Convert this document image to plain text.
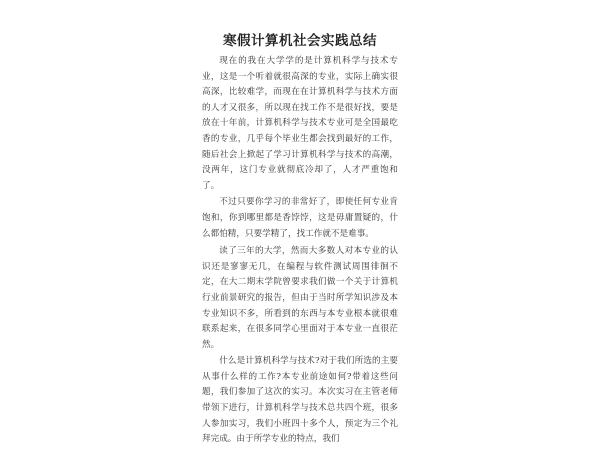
寒假计算机社会实践总结

现在的我在大学学的是计算机科学与技术专业，这是一个听着就很高深的专业，实际上确实很高深，比较难学，而现在在计算机科学与技术方面的人才又很多，所以现在找工作不是很好找，要是放在十年前，计算机科学与技术专业可是全国最吃香的专业，几乎每个毕业生都会找到最好的工作，随后社会上掀起了学习计算机科学与技术的高潮，没两年，这门专业就彻底冷却了，人才严重饱和了。

不过只要你学习的非常好了，即使任何专业肯饱和，你到哪里都是香饽饽，这是毋庸置疑的，什么都怕精，只要学精了，找工作就不是难事。

读了三年的大学，然而大多数人对本专业的认识还是寥寥无几，在编程与软件测试周围徘徊不定，在大二期末学院曾要求我们做一个关于计算机行业前景研究的报告，但由于当时所学知识涉及本专业知识不多，所看到的东西与本专业根本就很难联系起来，在很多同学心里面对于本专业一直很茫然。

什么是计算机科学与技术?对于我们所选的主要从事什么样的工作?本专业前途如何?带着这些问题，我们参加了这次的实习。本次实习在主管老师带领下进行，计算机科学与技术总共四个班，很多人参加实习，我们小班四十多个人，预定为三个礼拜完成。由于所学专业的特点，我们
